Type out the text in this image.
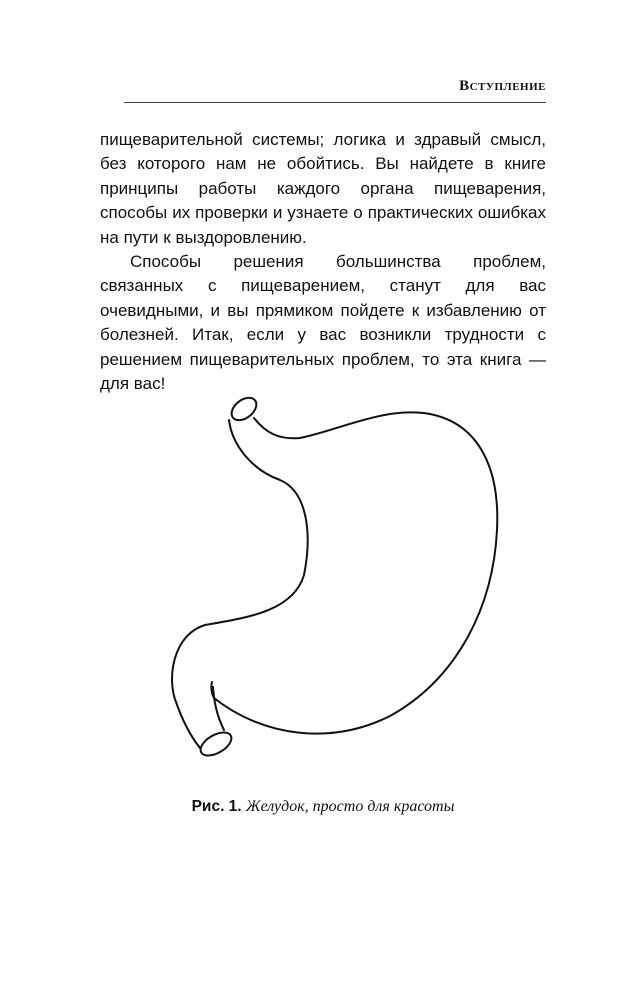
Вступление

пищеварительной системы; логика и здравый смысл, без которого нам не обойтись. Вы найдете в книге принципы работы каждого органа пищеварения, способы их проверки и узнаете о практических ошибках на пути к выздоровлению.

Способы решения большинства проблем, связанных с пищеварением, станут для вас очевидными, и вы прямиком пойдете к избавлению от болезней. Итак, если у вас возникли трудности с решением пищеварительных проблем, то эта книга — для вас!

Рис. 1. Желудок, просто для красоты
